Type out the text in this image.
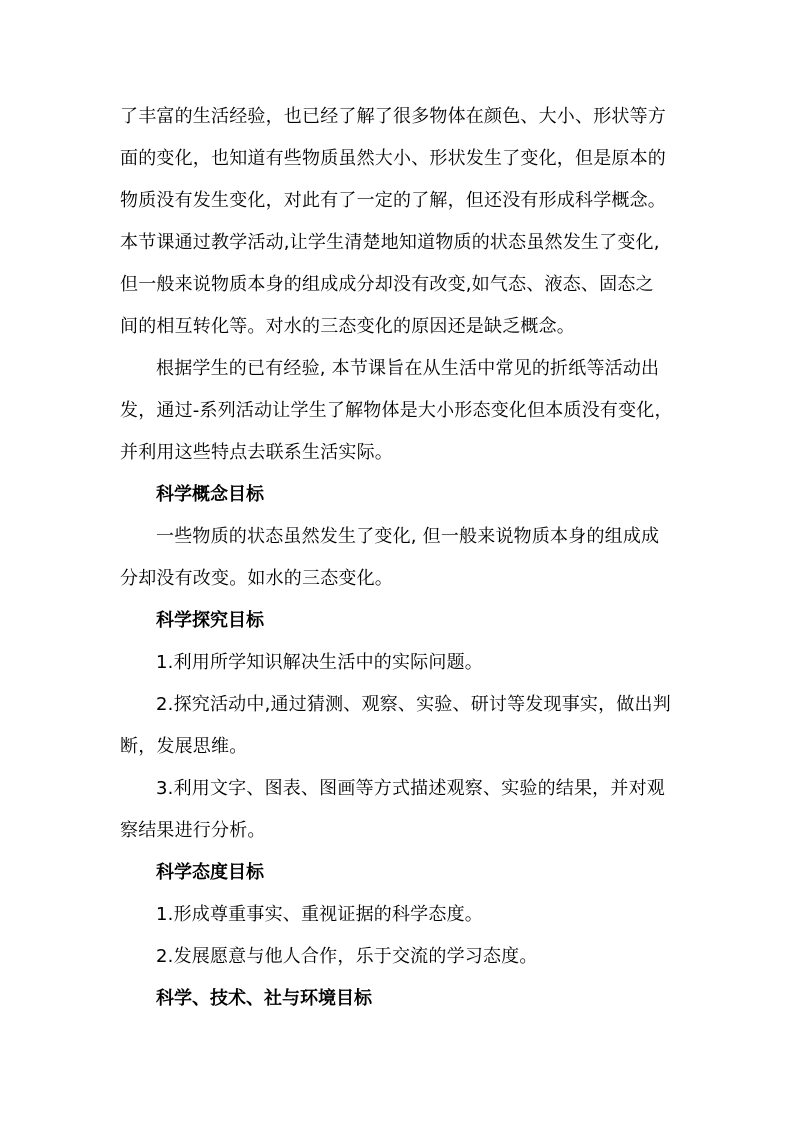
了丰富的生活经验，也已经了解了很多物体在颜色、大小、形状等方
面的变化，也知道有些物质虽然大小、形状发生了变化，但是原本的
物质没有发生变化，对此有了一定的了解，但还没有形成科学概念。
本节课通过教学活动,让学生清楚地知道物质的状态虽然发生了变化,
但一般来说物质本身的组成成分却没有改变,如气态、液态、固态之
间的相互转化等。对水的三态变化的原因还是缺乏概念。
根据学生的已有经验, 本节课旨在从生活中常见的折纸等活动出
发，通过-系列活动让学生了解物体是大小形态变化但本质没有变化，
并利用这些特点去联系生活实际。

科学概念目标

一些物质的状态虽然发生了变化, 但一般来说物质本身的组成成
分却没有改变。如水的三态变化。

科学探究目标

1.利用所学知识解决生活中的实际问题。
2.探究活动中,通过猜测、观察、实验、研讨等发现事实，做出判
断，发展思维。
3.利用文字、图表、图画等方式描述观察、实验的结果，并对观
察结果进行分析。

科学态度目标

1.形成尊重事实、重视证据的科学态度。
2.发展愿意与他人合作，乐于交流的学习态度。

科学、技术、社与环境目标
